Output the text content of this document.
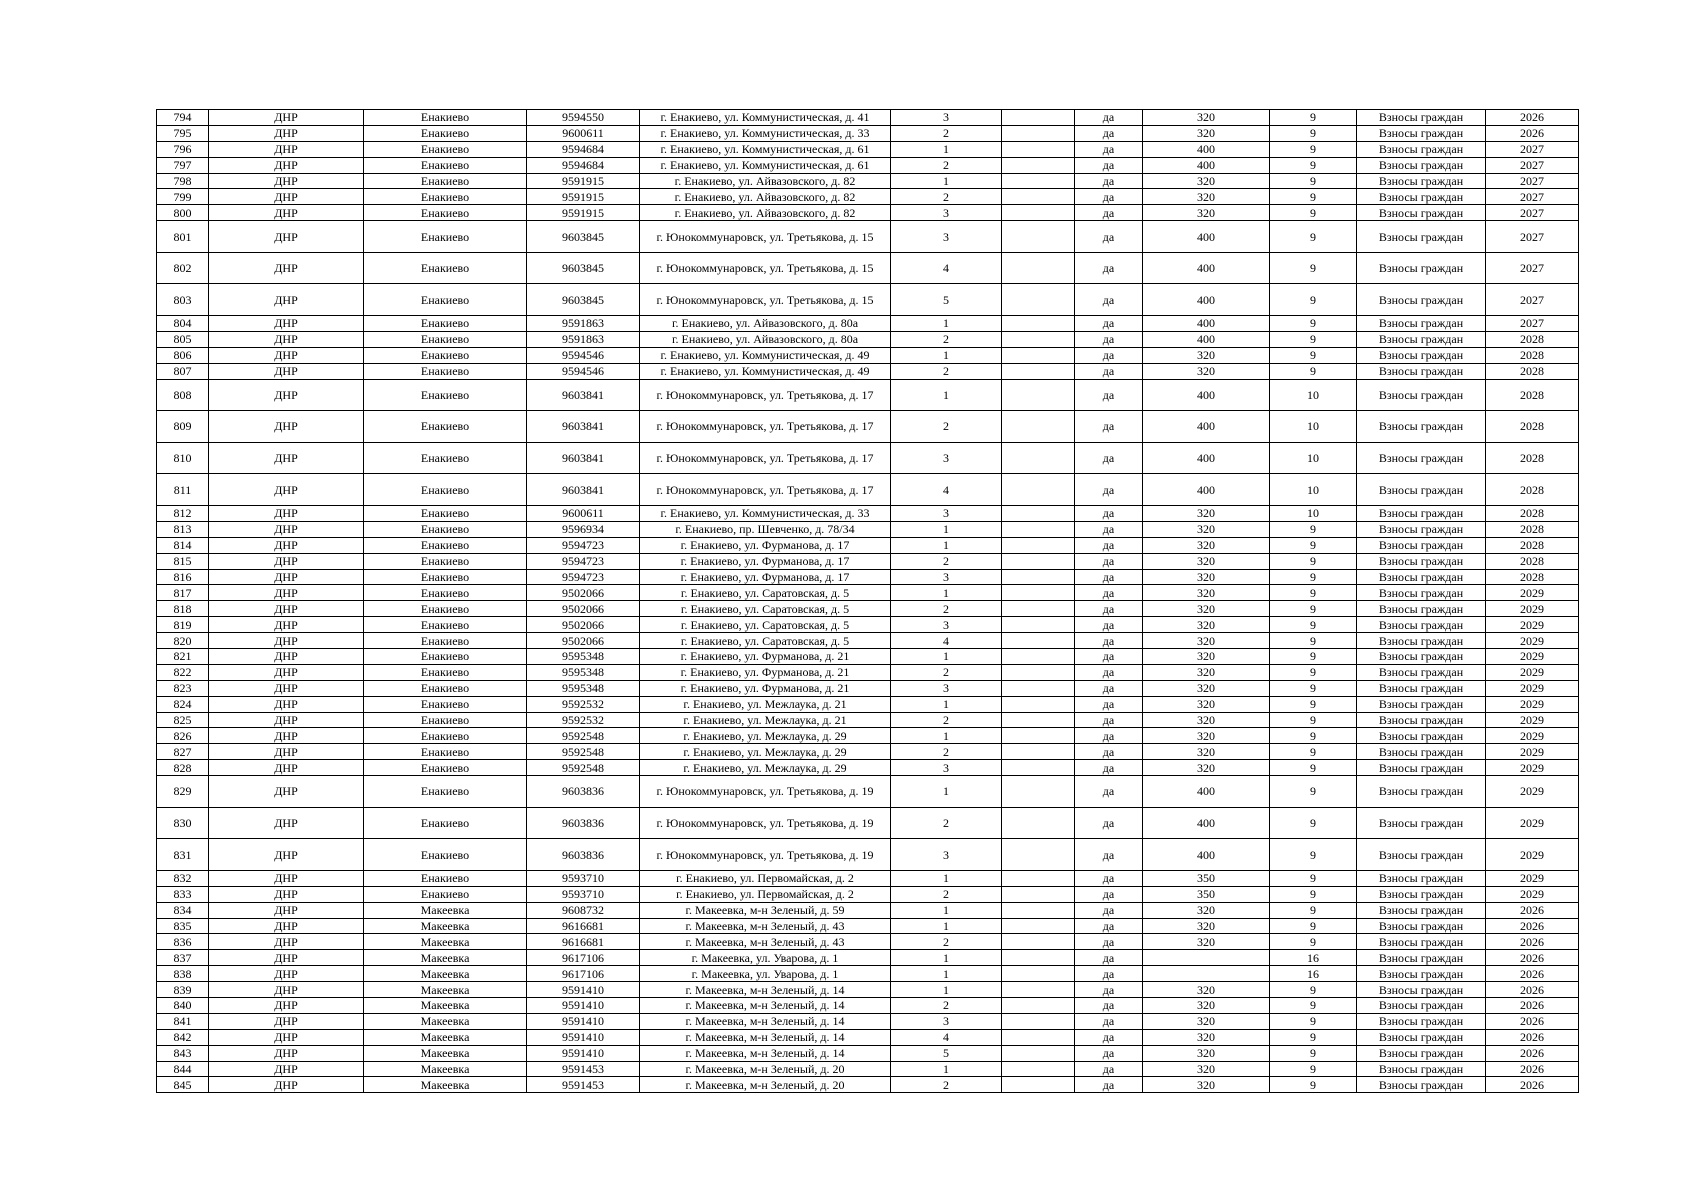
794	ДНР	Енакиево	9594550	г. Енакиево, ул. Коммунистическая, д. 41	3		да	320	9	Взносы граждан	2026
795	ДНР	Енакиево	9600611	г. Енакиево, ул. Коммунистическая, д. 33	2		да	320	9	Взносы граждан	2026
796	ДНР	Енакиево	9594684	г. Енакиево, ул. Коммунистическая, д. 61	1		да	400	9	Взносы граждан	2027
797	ДНР	Енакиево	9594684	г. Енакиево, ул. Коммунистическая, д. 61	2		да	400	9	Взносы граждан	2027
798	ДНР	Енакиево	9591915	г. Енакиево, ул. Айвазовского, д. 82	1		да	320	9	Взносы граждан	2027
799	ДНР	Енакиево	9591915	г. Енакиево, ул. Айвазовского, д. 82	2		да	320	9	Взносы граждан	2027
800	ДНР	Енакиево	9591915	г. Енакиево, ул. Айвазовского, д. 82	3		да	320	9	Взносы граждан	2027
801	ДНР	Енакиево	9603845	г. Юнокоммунаровск, ул. Третьякова, д. 15	3		да	400	9	Взносы граждан	2027
802	ДНР	Енакиево	9603845	г. Юнокоммунаровск, ул. Третьякова, д. 15	4		да	400	9	Взносы граждан	2027
803	ДНР	Енакиево	9603845	г. Юнокоммунаровск, ул. Третьякова, д. 15	5		да	400	9	Взносы граждан	2027
804	ДНР	Енакиево	9591863	г. Енакиево, ул. Айвазовского, д. 80а	1		да	400	9	Взносы граждан	2027
805	ДНР	Енакиево	9591863	г. Енакиево, ул. Айвазовского, д. 80а	2		да	400	9	Взносы граждан	2028
806	ДНР	Енакиево	9594546	г. Енакиево, ул. Коммунистическая, д. 49	1		да	320	9	Взносы граждан	2028
807	ДНР	Енакиево	9594546	г. Енакиево, ул. Коммунистическая, д. 49	2		да	320	9	Взносы граждан	2028
808	ДНР	Енакиево	9603841	г. Юнокоммунаровск, ул. Третьякова, д. 17	1		да	400	10	Взносы граждан	2028
809	ДНР	Енакиево	9603841	г. Юнокоммунаровск, ул. Третьякова, д. 17	2		да	400	10	Взносы граждан	2028
810	ДНР	Енакиево	9603841	г. Юнокоммунаровск, ул. Третьякова, д. 17	3		да	400	10	Взносы граждан	2028
811	ДНР	Енакиево	9603841	г. Юнокоммунаровск, ул. Третьякова, д. 17	4		да	400	10	Взносы граждан	2028
812	ДНР	Енакиево	9600611	г. Енакиево, ул. Коммунистическая, д. 33	3		да	320	10	Взносы граждан	2028
813	ДНР	Енакиево	9596934	г. Енакиево, пр. Шевченко, д. 78/34	1		да	320	9	Взносы граждан	2028
814	ДНР	Енакиево	9594723	г. Енакиево, ул. Фурманова, д. 17	1		да	320	9	Взносы граждан	2028
815	ДНР	Енакиево	9594723	г. Енакиево, ул. Фурманова, д. 17	2		да	320	9	Взносы граждан	2028
816	ДНР	Енакиево	9594723	г. Енакиево, ул. Фурманова, д. 17	3		да	320	9	Взносы граждан	2028
817	ДНР	Енакиево	9502066	г. Енакиево, ул. Саратовская, д. 5	1		да	320	9	Взносы граждан	2029
818	ДНР	Енакиево	9502066	г. Енакиево, ул. Саратовская, д. 5	2		да	320	9	Взносы граждан	2029
819	ДНР	Енакиево	9502066	г. Енакиево, ул. Саратовская, д. 5	3		да	320	9	Взносы граждан	2029
820	ДНР	Енакиево	9502066	г. Енакиево, ул. Саратовская, д. 5	4		да	320	9	Взносы граждан	2029
821	ДНР	Енакиево	9595348	г. Енакиево, ул. Фурманова, д. 21	1		да	320	9	Взносы граждан	2029
822	ДНР	Енакиево	9595348	г. Енакиево, ул. Фурманова, д. 21	2		да	320	9	Взносы граждан	2029
823	ДНР	Енакиево	9595348	г. Енакиево, ул. Фурманова, д. 21	3		да	320	9	Взносы граждан	2029
824	ДНР	Енакиево	9592532	г. Енакиево, ул. Межлаука, д. 21	1		да	320	9	Взносы граждан	2029
825	ДНР	Енакиево	9592532	г. Енакиево, ул. Межлаука, д. 21	2		да	320	9	Взносы граждан	2029
826	ДНР	Енакиево	9592548	г. Енакиево, ул. Межлаука, д. 29	1		да	320	9	Взносы граждан	2029
827	ДНР	Енакиево	9592548	г. Енакиево, ул. Межлаука, д. 29	2		да	320	9	Взносы граждан	2029
828	ДНР	Енакиево	9592548	г. Енакиево, ул. Межлаука, д. 29	3		да	320	9	Взносы граждан	2029
829	ДНР	Енакиево	9603836	г. Юнокоммунаровск, ул. Третьякова, д. 19	1		да	400	9	Взносы граждан	2029
830	ДНР	Енакиево	9603836	г. Юнокоммунаровск, ул. Третьякова, д. 19	2		да	400	9	Взносы граждан	2029
831	ДНР	Енакиево	9603836	г. Юнокоммунаровск, ул. Третьякова, д. 19	3		да	400	9	Взносы граждан	2029
832	ДНР	Енакиево	9593710	г. Енакиево, ул. Первомайская, д. 2	1		да	350	9	Взносы граждан	2029
833	ДНР	Енакиево	9593710	г. Енакиево, ул. Первомайская, д. 2	2		да	350	9	Взносы граждан	2029
834	ДНР	Макеевка	9608732	г. Макеевка, м-н Зеленый, д. 59	1		да	320	9	Взносы граждан	2026
835	ДНР	Макеевка	9616681	г. Макеевка, м-н Зеленый, д. 43	1		да	320	9	Взносы граждан	2026
836	ДНР	Макеевка	9616681	г. Макеевка, м-н Зеленый, д. 43	2		да	320	9	Взносы граждан	2026
837	ДНР	Макеевка	9617106	г. Макеевка, ул. Уварова, д. 1	1		да		16	Взносы граждан	2026
838	ДНР	Макеевка	9617106	г. Макеевка, ул. Уварова, д. 1	1		да		16	Взносы граждан	2026
839	ДНР	Макеевка	9591410	г. Макеевка, м-н Зеленый, д. 14	1		да	320	9	Взносы граждан	2026
840	ДНР	Макеевка	9591410	г. Макеевка, м-н Зеленый, д. 14	2		да	320	9	Взносы граждан	2026
841	ДНР	Макеевка	9591410	г. Макеевка, м-н Зеленый, д. 14	3		да	320	9	Взносы граждан	2026
842	ДНР	Макеевка	9591410	г. Макеевка, м-н Зеленый, д. 14	4		да	320	9	Взносы граждан	2026
843	ДНР	Макеевка	9591410	г. Макеевка, м-н Зеленый, д. 14	5		да	320	9	Взносы граждан	2026
844	ДНР	Макеевка	9591453	г. Макеевка, м-н Зеленый, д. 20	1		да	320	9	Взносы граждан	2026
845	ДНР	Макеевка	9591453	г. Макеевка, м-н Зеленый, д. 20	2		да	320	9	Взносы граждан	2026
